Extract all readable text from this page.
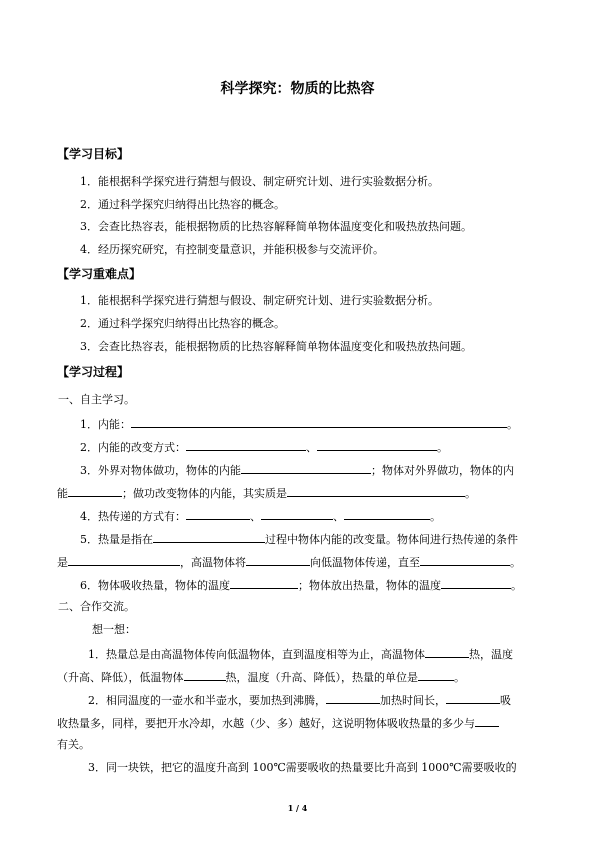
科学探究：物质的比热容
【学习目标】
1．能根据科学探究进行猜想与假设、制定研究计划、进行实验数据分析。
2．通过科学探究归纳得出比热容的概念。
3．会查比热容表，能根据物质的比热容解释简单物体温度变化和吸热放热问题。
4．经历探究研究，有控制变量意识，并能积极参与交流评价。
【学习重难点】
1．能根据科学探究进行猜想与假设、制定研究计划、进行实验数据分析。
2．通过科学探究归纳得出比热容的概念。
3．会查比热容表，能根据物质的比热容解释简单物体温度变化和吸热放热问题。
【学习过程】
一、自主学习。
1．内能：	。
2．内能的改变方式：	、	。
3．外界对物体做功，物体的内能	；物体对外界做功，物体的内
能	；做功改变物体的内能，其实质是	。
4．热传递的方式有：	、	、	。
5．热量是指在	过程中物体内能的改变量。物体间进行热传递的条件
是	，高温物体将	向低温物体传递，直至	。
6．物体吸收热量，物体的温度	；物体放出热量，物体的温度	。
二、合作交流。
想一想：
1．热量总是由高温物体传向低温物体，直到温度相等为止，高温物体	热，温度
（升高、降低），低温物体	热，温度（升高、降低），热量的单位是	。
2．相同温度的一壶水和半壶水，要加热到沸腾，	加热时间长，	吸
收热量多，同样，要把开水冷却，水越（少、多）越好，这说明物体吸收热量的多少与
有关。
3．同一块铁，把它的温度升高到 100℃需要吸收的热量要比升高到 1000℃需要吸收的
1 / 4
